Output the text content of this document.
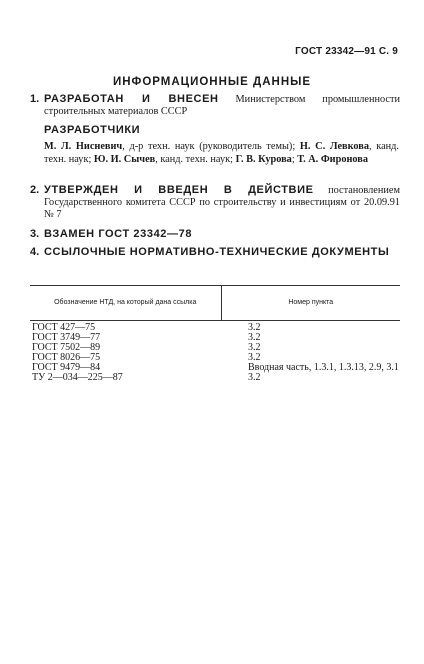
ГОСТ 23342—91 С. 9
ИНФОРМАЦИОННЫЕ ДАННЫЕ
1. РАЗРАБОТАН И ВНЕСЕН Министерством промышленности строительных материалов СССР
РАЗРАБОТЧИКИ
М. Л. Нисневич, д-р техн. наук (руководитель темы); Н. С. Левкова, канд. техн. наук; Ю. И. Сычев, канд. техн. наук; Г. В. Курова; Т. А. Фиронова
2. УТВЕРЖДЕН И ВВЕДЕН В ДЕЙСТВИЕ постановлением Государственного комитета СССР по строительству и инвестициям от 20.09.91 № 7
3. ВЗАМЕН ГОСТ 23342—78
4. ССЫЛОЧНЫЕ НОРМАТИВНО-ТЕХНИЧЕСКИЕ ДОКУМЕНТЫ
Обозначение НТД, на который дана ссылка	Номер пункта
ГОСТ 427—75	3.2
ГОСТ 3749—77	3.2
ГОСТ 7502—89	3.2
ГОСТ 8026—75	3.2
ГОСТ 9479—84	Вводная часть, 1.3.1, 1.3.13, 2.9, 3.1
ТУ 2—034—225—87	3.2
